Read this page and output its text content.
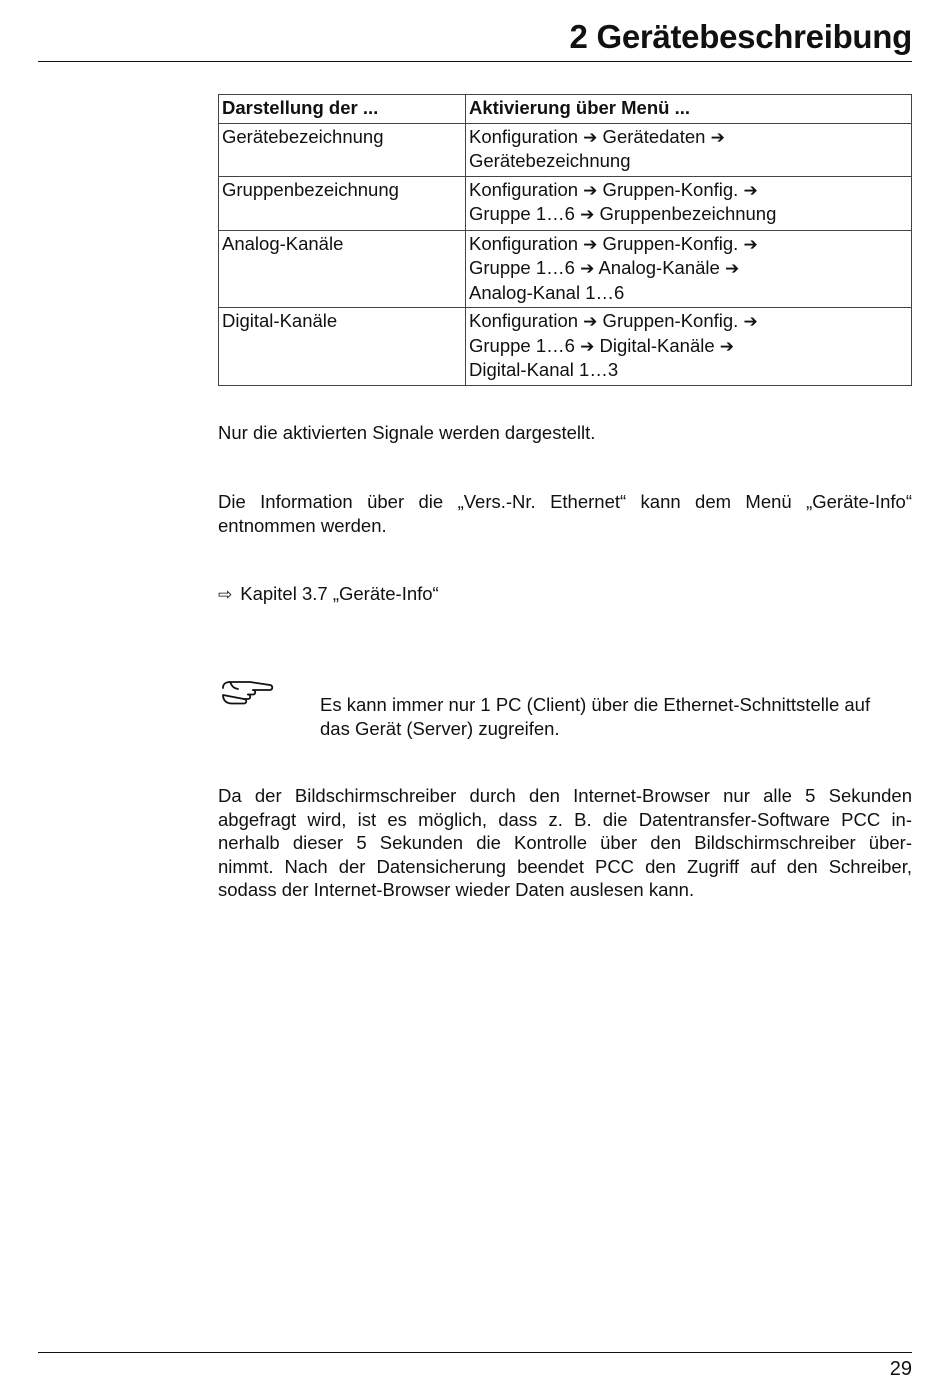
2 Gerätebeschreibung
Darstellung der ...	Aktivierung über Menü ...
Gerätebezeichnung	Konfiguration ➔ Gerätedaten ➔
Gerätebezeichnung

Gruppenbezeichnung	Konfiguration ➔ Gruppen-Konfig. ➔
Gruppe 1…6 ➔ Gruppenbezeichnung

Analog-Kanäle	Konfiguration ➔ Gruppen-Konfig. ➔
Gruppe 1…6 ➔ Analog-Kanäle ➔
Analog-Kanal 1…6

Digital-Kanäle	Konfiguration ➔ Gruppen-Konfig. ➔
Gruppe 1…6 ➔ Digital-Kanäle ➔
Digital-Kanal 1…3
Nur die aktivierten Signale werden dargestellt.
Die Information über die „Vers.-Nr. Ethernet“ kann dem Menü „Geräte-Info“
entnommen werden.
⇨ Kapitel 3.7 „Geräte-Info“
Es kann immer nur 1 PC (Client) über die Ethernet-Schnittstelle auf
das Gerät (Server) zugreifen.
Da der Bildschirmschreiber durch den Internet-Browser nur alle 5 Sekunden
abgefragt wird, ist es möglich, dass z. B. die Datentransfer-Software PCC in-
nerhalb dieser 5 Sekunden die Kontrolle über den Bildschirmschreiber über-
nimmt. Nach der Datensicherung beendet PCC den Zugriff auf den Schreiber,
sodass der Internet-Browser wieder Daten auslesen kann.
29
